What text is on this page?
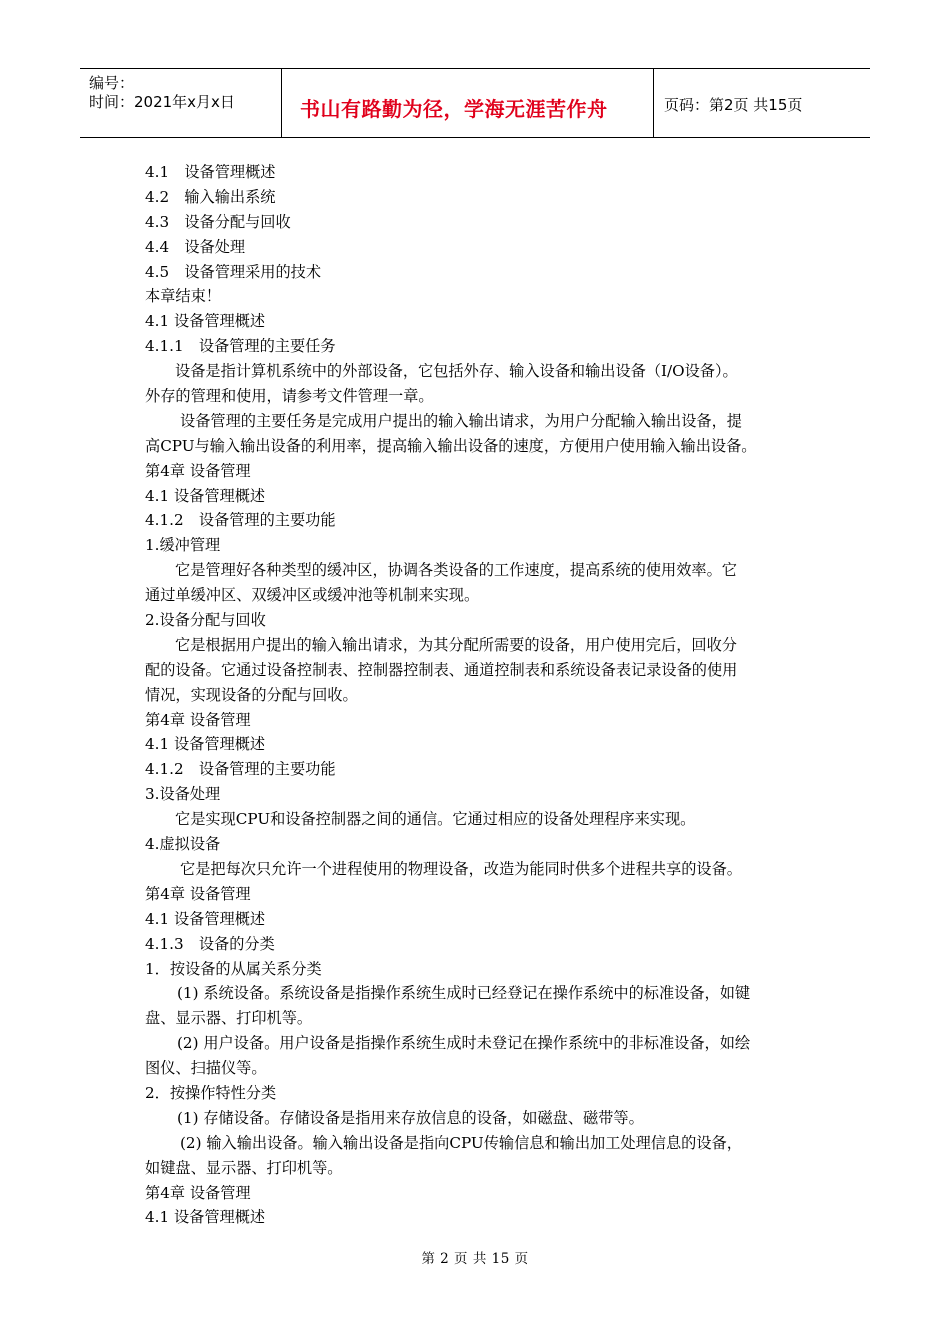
编号：
时间：2021年x月x日	书山有路勤为径，学海无涯苦作舟	页码：第2页 共15页
4.1　设备管理概述
4.2　输入输出系统
4.3　设备分配与回收
4.4　设备处理
4.5　设备管理采用的技术
本章结束！
4.1 设备管理概述
4.1.1　设备管理的主要任务
设备是指计算机系统中的外部设备，它包括外存、输入设备和输出设备（I/O设备）。
外存的管理和使用，请参考文件管理一章。
设备管理的主要任务是完成用户提出的输入输出请求，为用户分配输入输出设备，提
高CPU与输入输出设备的利用率，提高输入输出设备的速度，方便用户使用输入输出设备。
第4章 设备管理
4.1 设备管理概述
4.1.2　设备管理的主要功能
1.缓冲管理
它是管理好各种类型的缓冲区，协调各类设备的工作速度，提高系统的使用效率。它
通过单缓冲区、双缓冲区或缓冲池等机制来实现。
2.设备分配与回收
它是根据用户提出的输入输出请求，为其分配所需要的设备，用户使用完后，回收分
配的设备。它通过设备控制表、控制器控制表、通道控制表和系统设备表记录设备的使用
情况，实现设备的分配与回收。
第4章 设备管理
4.1 设备管理概述
4.1.2　设备管理的主要功能
3.设备处理
它是实现CPU和设备控制器之间的通信。它通过相应的设备处理程序来实现。
4.虚拟设备
它是把每次只允许一个进程使用的物理设备，改造为能同时供多个进程共享的设备。
第4章 设备管理
4.1 设备管理概述
4.1.3　设备的分类
1．按设备的从属关系分类
(1) 系统设备。系统设备是指操作系统生成时已经登记在操作系统中的标准设备，如键
盘、显示器、打印机等。
(2) 用户设备。用户设备是指操作系统生成时未登记在操作系统中的非标准设备，如绘
图仪、扫描仪等。
2．按操作特性分类
(1) 存储设备。存储设备是指用来存放信息的设备，如磁盘、磁带等。
(2) 输入输出设备。输入输出设备是指向CPU传输信息和输出加工处理信息的设备，
如键盘、显示器、打印机等。
第4章 设备管理
4.1 设备管理概述
第 2 页 共 15 页
